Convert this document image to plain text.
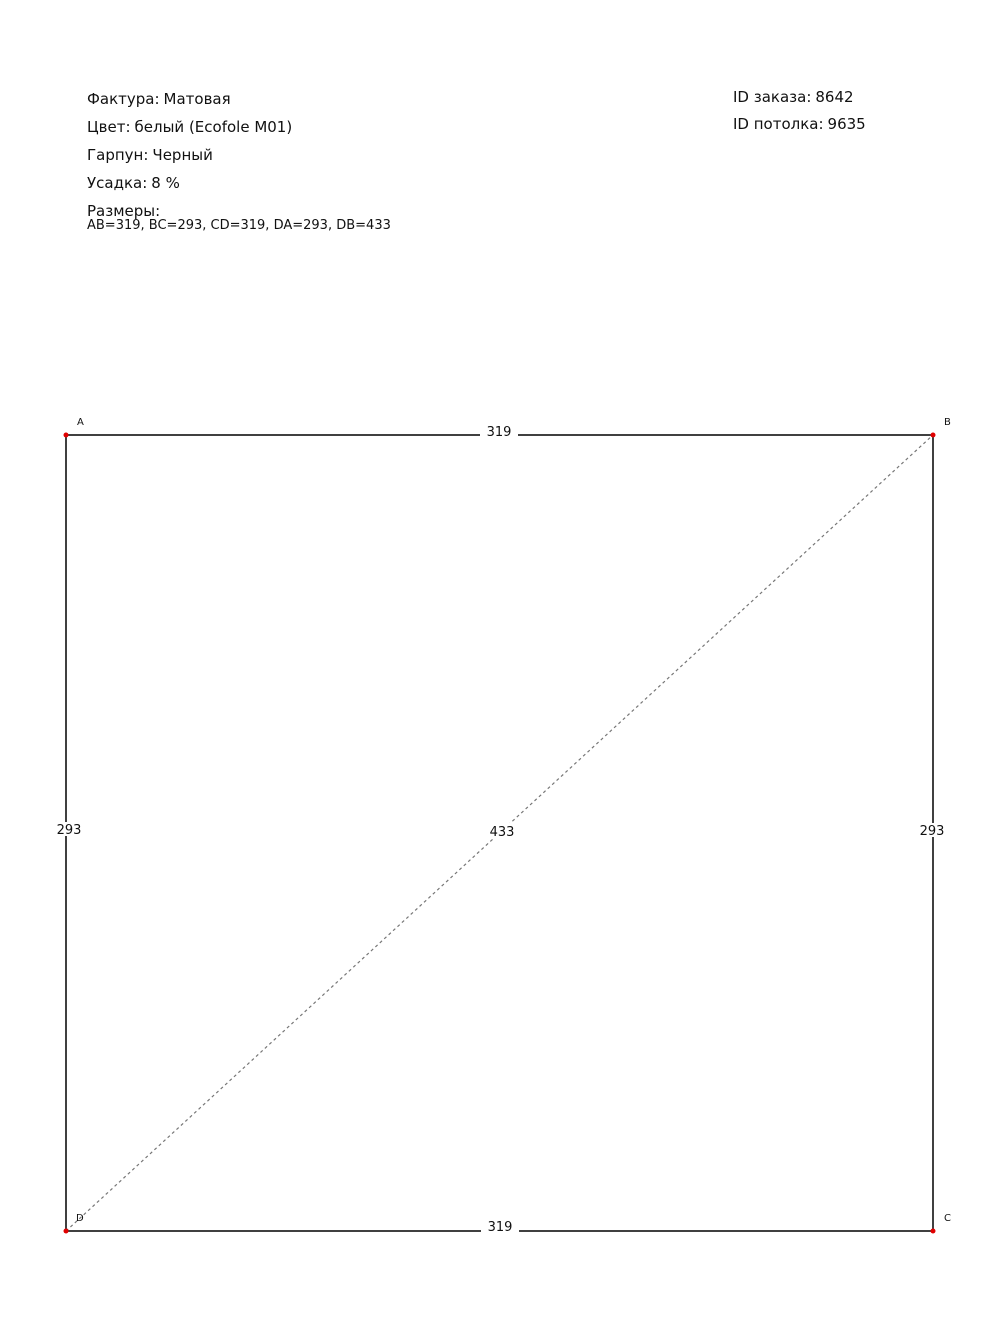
Фактура: Матовая
Цвет: белый (Ecofole M01)
Гарпун: Черный
Усадка: 8 %
Размеры:
AB=319, BC=293, CD=319, DA=293, DB=433
ID заказа: 8642
ID потолка: 9635
319
293
319
293	433
A	B
C
D
